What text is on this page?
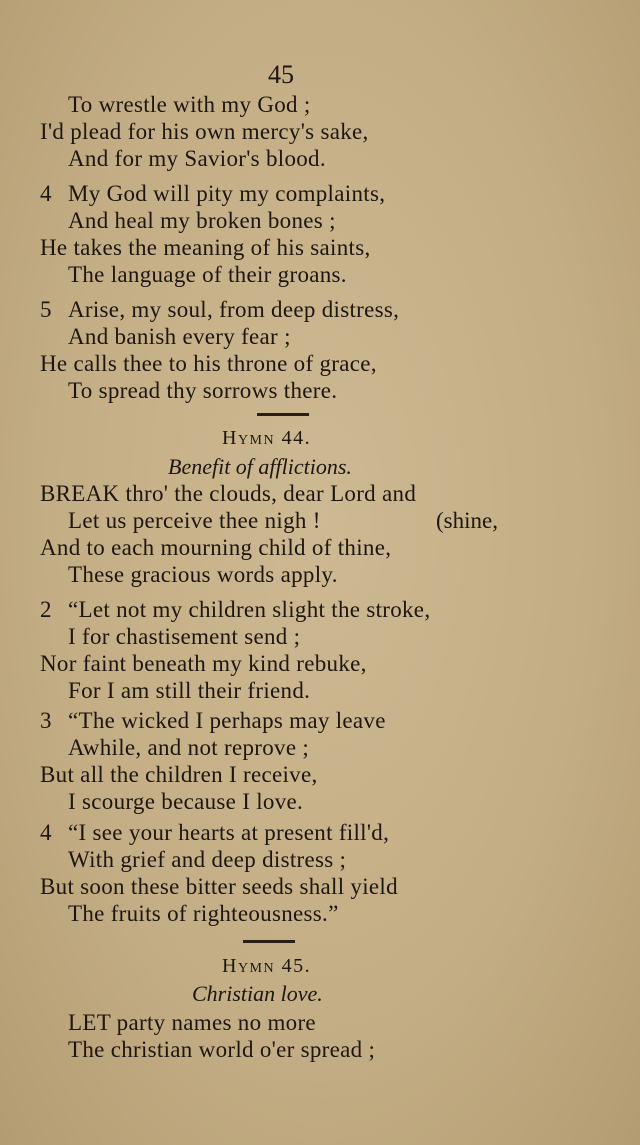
45
To wrestle with my God ;
I'd plead for his own mercy's sake,
And for my Savior's blood.
4 My God will pity my complaints,
And heal my broken bones ;
He takes the meaning of his saints,
The language of their groans.
5 Arise, my soul, from deep distress,
And banish every fear ;
He calls thee to his throne of grace,
To spread thy sorrows there.
Hymn 44.
Benefit of afflictions.
BREAK thro' the clouds, dear Lord and
Let us perceive thee nigh !	(shine,
And to each mourning child of thine,
These gracious words apply.
2 “Let not my children slight the stroke,
I for chastisement send ;
Nor faint beneath my kind rebuke,
For I am still their friend.
3 “The wicked I perhaps may leave
Awhile, and not reprove ;
But all the children I receive,
I scourge because I love.
4 “I see your hearts at present fill'd,
With grief and deep distress ;
But soon these bitter seeds shall yield
The fruits of righteousness.”
Hymn 45.
Christian love.
LET party names no more
The christian world o'er spread ;
